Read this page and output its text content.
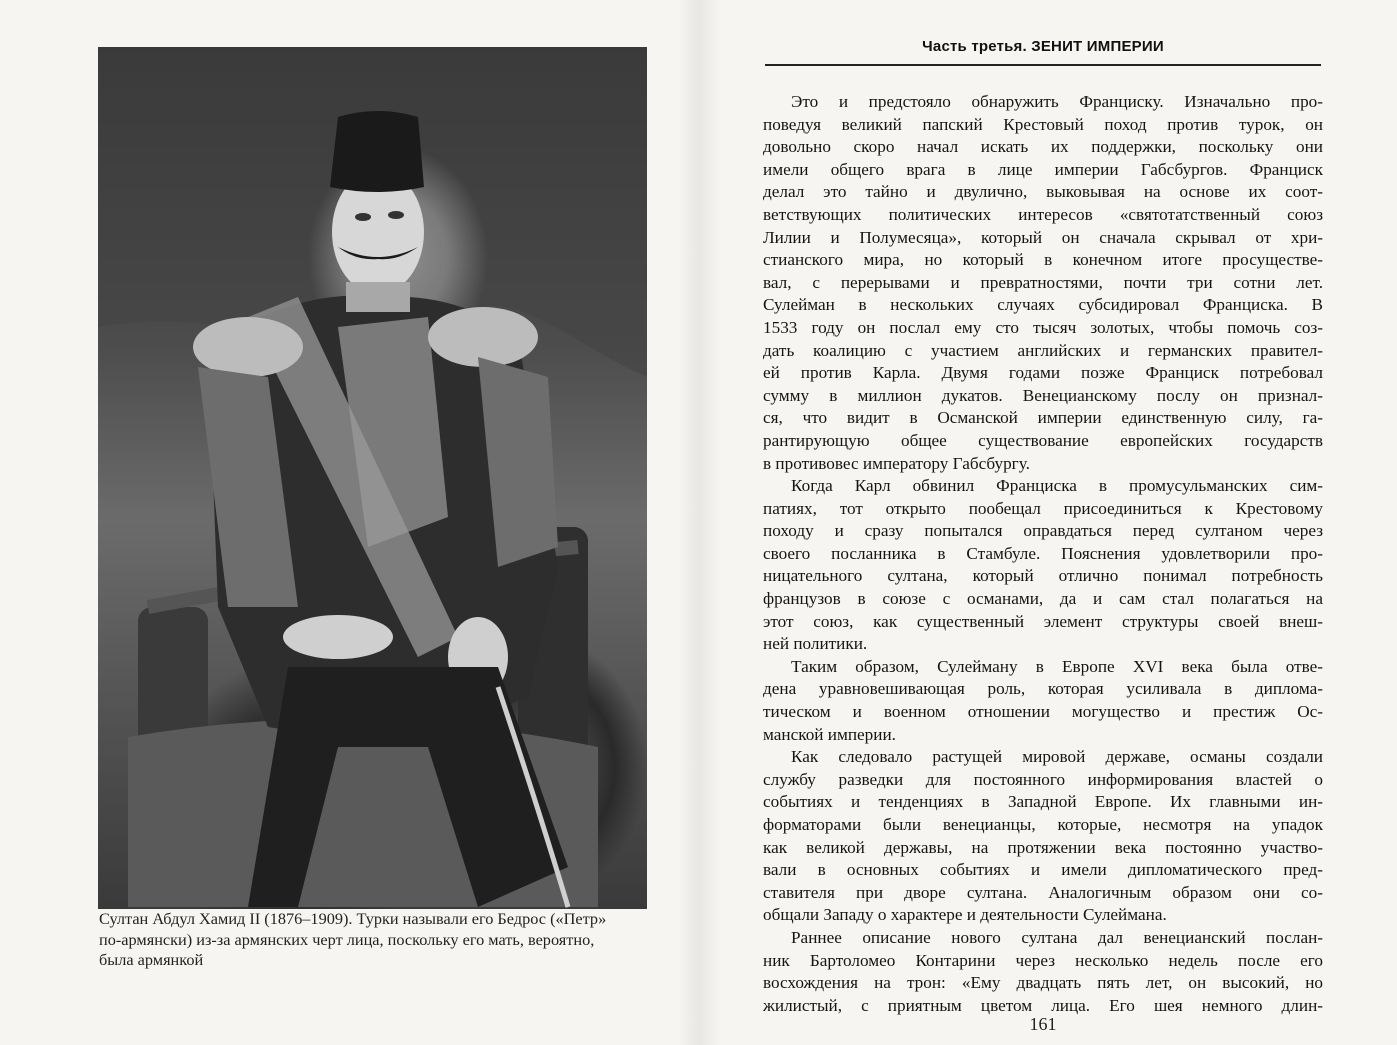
Султан Абдул Хамид II (1876–1909). Турки называли его Бедрос («Петр»
по-армянски) из-за армянских черт лица, поскольку его мать, вероятно,
была армянкой
Часть третья. ЗЕНИТ ИМПЕРИИ
Это и предстояло обнаружить Франциску. Изначально про-
поведуя великий папский Крестовый поход против турок, он
довольно скоро начал искать их поддержки, поскольку они
имели общего врага в лице империи Габсбургов. Франциск
делал это тайно и двулично, выковывая на основе их соот-
ветствующих политических интересов «святотатственный союз
Лилии и Полумесяца», который он сначала скрывал от хри-
стианского мира, но который в конечном итоге просуществе-
вал, с перерывами и превратностями, почти три сотни лет.
Сулейман в нескольких случаях субсидировал Франциска. В
1533 году он послал ему сто тысяч золотых, чтобы помочь соз-
дать коалицию с участием английских и германских правител-
ей против Карла. Двумя годами позже Франциск потребовал
сумму в миллион дукатов. Венецианскому послу он признал-
ся, что видит в Османской империи единственную силу, га-
рантирующую общее существование европейских государств
в противовес императору Габсбургу.
Когда Карл обвинил Франциска в промусульманских сим-
патиях, тот открыто пообещал присоединиться к Крестовому
походу и сразу попытался оправдаться перед султаном через
своего посланника в Стамбуле. Пояснения удовлетворили про-
ницательного султана, который отлично понимал потребность
французов в союзе с османами, да и сам стал полагаться на
этот союз, как существенный элемент структуры своей внеш-
ней политики.
Таким образом, Сулейману в Европе XVI века была отве-
дена уравновешивающая роль, которая усиливала в диплома-
тическом и военном отношении могущество и престиж Ос-
манской империи.
Как следовало растущей мировой державе, османы создали
службу разведки для постоянного информирования властей о
событиях и тенденциях в Западной Европе. Их главными ин-
форматорами были венецианцы, которые, несмотря на упадок
как великой державы, на протяжении века постоянно участво-
вали в основных событиях и имели дипломатического пред-
ставителя при дворе султана. Аналогичным образом они со-
общали Западу о характере и деятельности Сулеймана.
Раннее описание нового султана дал венецианский послан-
ник Бартоломео Контарини через несколько недель после его
восхождения на трон: «Ему двадцать пять лет, он высокий, но
жилистый, с приятным цветом лица. Его шея немного длин-
161
